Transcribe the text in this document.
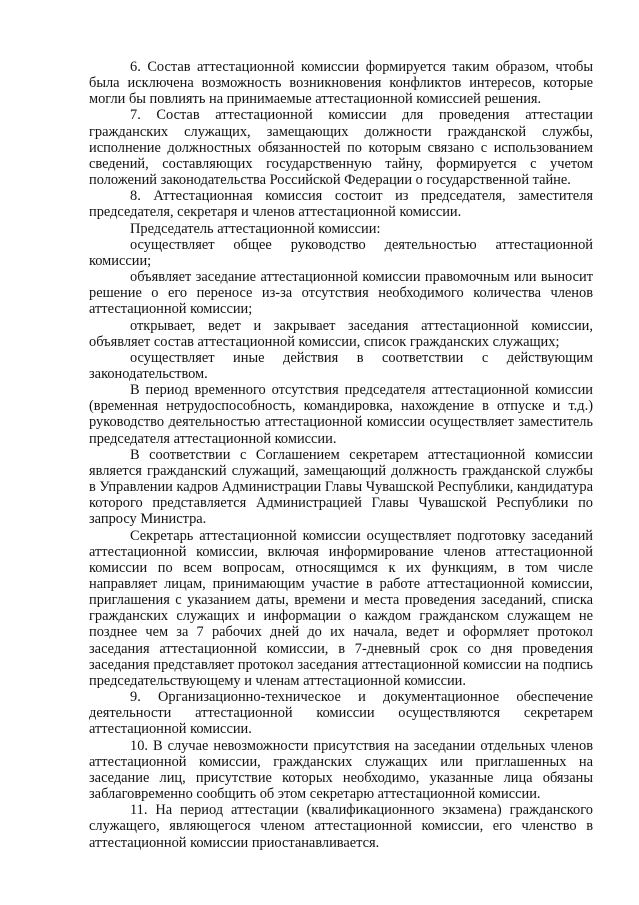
6. Состав аттестационной комиссии формируется таким образом, чтобы была исключена возможность возникновения конфликтов интересов, которые могли бы повлиять на принимаемые аттестационной комиссией решения.

7. Состав аттестационной комиссии для проведения аттестации гражданских служащих, замещающих должности гражданской службы, исполнение должностных обязанностей по которым связано с использованием сведений, составляющих государственную тайну, формируется с учетом положений законодательства Российской Федерации о государственной тайне.

8. Аттестационная комиссия состоит из председателя, заместителя председателя, секретаря и членов аттестационной комиссии.

Председатель аттестационной комиссии:

осуществляет общее руководство деятельностью аттестационной комиссии;

объявляет заседание аттестационной комиссии правомочным или выносит решение о его переносе из-за отсутствия необходимого количества членов аттестационной комиссии;

открывает, ведет и закрывает заседания аттестационной комиссии, объявляет состав аттестационной комиссии, список гражданских служащих;

осуществляет иные действия в соответствии с действующим законодательством.

В период временного отсутствия председателя аттестационной комиссии (временная нетрудоспособность, командировка, нахождение в отпуске и т.д.) руководство деятельностью аттестационной комиссии осуществляет заместитель председателя аттестационной комиссии.

В соответствии с Соглашением секретарем аттестационной комиссии является гражданский служащий, замещающий должность гражданской службы в Управлении кадров Администрации Главы Чувашской Республики, кандидатура которого представляется Администрацией Главы Чувашской Республики по запросу Министра.

Секретарь аттестационной комиссии осуществляет подготовку заседаний аттестационной комиссии, включая информирование членов аттестационной комиссии по всем вопросам, относящимся к их функциям, в том числе направляет лицам, принимающим участие в работе аттестационной комиссии, приглашения с указанием даты, времени и места проведения заседаний, списка гражданских служащих и информации о каждом гражданском служащем не позднее чем за 7 рабочих дней до их начала, ведет и оформляет протокол заседания аттестационной комиссии, в 7-дневный срок со дня проведения заседания представляет протокол заседания аттестационной комиссии на подпись председательствующему и членам аттестационной комиссии.

9. Организационно-техническое и документационное обеспечение деятельности аттестационной комиссии осуществляются секретарем аттестационной комиссии.

10. В случае невозможности присутствия на заседании отдельных членов аттестационной комиссии, гражданских служащих или приглашенных на заседание лиц, присутствие которых необходимо, указанные лица обязаны заблаговременно сообщить об этом секретарю аттестационной комиссии.

11. На период аттестации (квалификационного экзамена) гражданского служащего, являющегося членом аттестационной комиссии, его членство в аттестационной комиссии приостанавливается.
